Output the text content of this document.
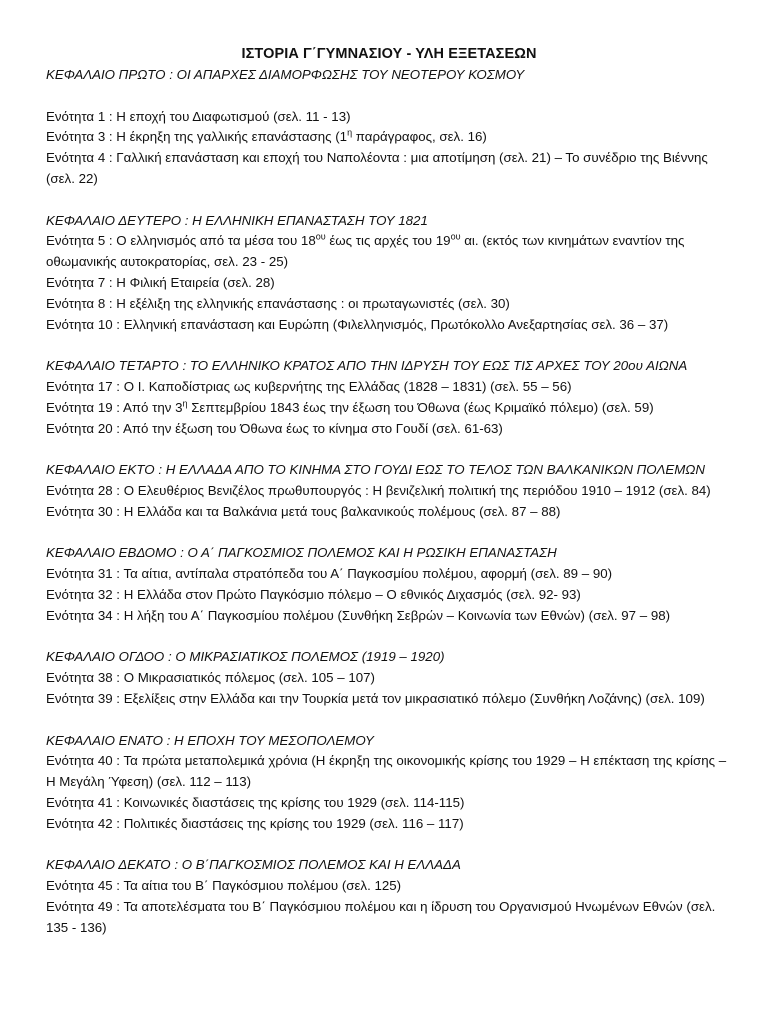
ΙΣΤΟΡΙΑ Γ΄ΓΥΜΝΑΣΙΟΥ - ΥΛΗ ΕΞΕΤΑΣΕΩΝ
ΚΕΦΑΛΑΙΟ ΠΡΩΤΟ : ΟΙ ΑΠΑΡΧΕΣ ΔΙΑΜΟΡΦΩΣΗΣ ΤΟΥ ΝΕΟΤΕΡΟΥ ΚΟΣΜΟΥ
Ενότητα 1 : Η εποχή του Διαφωτισμού (σελ. 11 - 13)
Ενότητα 3 : Η έκρηξη της γαλλικής επανάστασης ($1^\eta$ παράγραφος, σελ. 16)
Ενότητα 4 : Γαλλική επανάσταση και εποχή του Ναπολέοντα : μια αποτίμηση (σελ. 21) – Το συνέδριο της Βιέννης (σελ. 22)
ΚΕΦΑΛΑΙΟ ΔΕΥΤΕΡΟ : Η ΕΛΛΗΝΙΚΗ ΕΠΑΝΑΣΤΑΣΗ ΤΟΥ 1821
Ενότητα 5 : Ο ελληνισμός από τα μέσα του $18^{o\upsilon}$ έως τις αρχές του $19^{o\upsilon}$ αι. (εκτός των κινημάτων εναντίον της οθωμανικής αυτοκρατορίας, σελ. 23 - 25)
Ενότητα 7 : Η Φιλική Εταιρεία (σελ. 28)
Ενότητα 8 : Η εξέλιξη της ελληνικής επανάστασης : οι πρωταγωνιστές (σελ. 30)
Ενότητα 10 : Ελληνική επανάσταση και Ευρώπη (Φιλελληνισμός, Πρωτόκολλο Ανεξαρτησίας σελ. 36 – 37)
ΚΕΦΑΛΑΙΟ ΤΕΤΑΡΤΟ : ΤΟ ΕΛΛΗΝΙΚΟ ΚΡΑΤΟΣ ΑΠΟ ΤΗΝ ΙΔΡΥΣΗ ΤΟΥ ΕΩΣ ΤΙΣ ΑΡΧΕΣ ΤΟΥ 20ου ΑΙΩΝΑ
Ενότητα 17 : Ο Ι. Καποδίστριας ως κυβερνήτης της Ελλάδας (1828 – 1831) (σελ. 55 – 56)
Ενότητα 19 : Από την $3^\eta$ Σεπτεμβρίου 1843 έως την έξωση του Όθωνα (έως Κριμαϊκό πόλεμο) (σελ. 59)
Ενότητα 20 : Από την έξωση του Όθωνα έως το κίνημα στο Γουδί (σελ. 61-63)
ΚΕΦΑΛΑΙΟ ΕΚΤΟ : Η ΕΛΛΑΔΑ ΑΠΟ ΤΟ ΚΙΝΗΜΑ ΣΤΟ ΓΟΥΔΙ ΕΩΣ ΤΟ ΤΕΛΟΣ ΤΩΝ ΒΑΛΚΑΝΙΚΩΝ ΠΟΛΕΜΩΝ
Ενότητα 28 : Ο Ελευθέριος Βενιζέλος πρωθυπουργός : Η βενιζελική πολιτική της περιόδου 1910 – 1912 (σελ. 84)
Ενότητα 30 : Η Ελλάδα και τα Βαλκάνια μετά τους βαλκανικούς πολέμους (σελ. 87 – 88)
ΚΕΦΑΛΑΙΟ ΕΒΔΟΜΟ : Ο Α΄ ΠΑΓΚΟΣΜΙΟΣ ΠΟΛΕΜΟΣ ΚΑΙ Η ΡΩΣΙΚΗ ΕΠΑΝΑΣΤΑΣΗ
Ενότητα 31 : Τα αίτια, αντίπαλα στρατόπεδα του Α΄ Παγκοσμίου πολέμου, αφορμή (σελ. 89 – 90)
Ενότητα 32 : Η Ελλάδα στον Πρώτο Παγκόσμιο πόλεμο – Ο εθνικός Διχασμός (σελ. 92- 93)
Ενότητα 34 : Η λήξη του Α΄ Παγκοσμίου πολέμου (Συνθήκη Σεβρών – Κοινωνία των Εθνών) (σελ. 97 – 98)
ΚΕΦΑΛΑΙΟ ΟΓΔΟΟ : Ο ΜΙΚΡΑΣΙΑΤΙΚΟΣ ΠΟΛΕΜΟΣ (1919 – 1920)
Ενότητα 38 : Ο Μικρασιατικός πόλεμος (σελ. 105 – 107)
Ενότητα 39 : Εξελίξεις στην Ελλάδα και την Τουρκία μετά τον μικρασιατικό πόλεμο (Συνθήκη Λοζάνης) (σελ. 109)
ΚΕΦΑΛΑΙΟ ΕΝΑΤΟ : Η ΕΠΟΧΗ ΤΟΥ ΜΕΣΟΠΟΛΕΜΟΥ
Ενότητα 40 : Τα πρώτα μεταπολεμικά χρόνια (Η έκρηξη της οικονομικής κρίσης του 1929 – Η επέκταση της κρίσης – Η Μεγάλη Ύφεση) (σελ. 112 – 113)
Ενότητα 41 : Κοινωνικές διαστάσεις της κρίσης του 1929 (σελ. 114-115)
Ενότητα 42 : Πολιτικές διαστάσεις της κρίσης του 1929 (σελ. 116 – 117)
ΚΕΦΑΛΑΙΟ ΔΕΚΑΤΟ : Ο Β΄ΠΑΓΚΟΣΜΙΟΣ ΠΟΛΕΜΟΣ ΚΑΙ Η ΕΛΛΑΔΑ
Ενότητα 45 : Τα αίτια του Β΄ Παγκόσμιου πολέμου (σελ. 125)
Ενότητα 49 : Τα αποτελέσματα του Β΄ Παγκόσμιου πολέμου και η ίδρυση του Οργανισμού Ηνωμένων Εθνών (σελ. 135 - 136)
